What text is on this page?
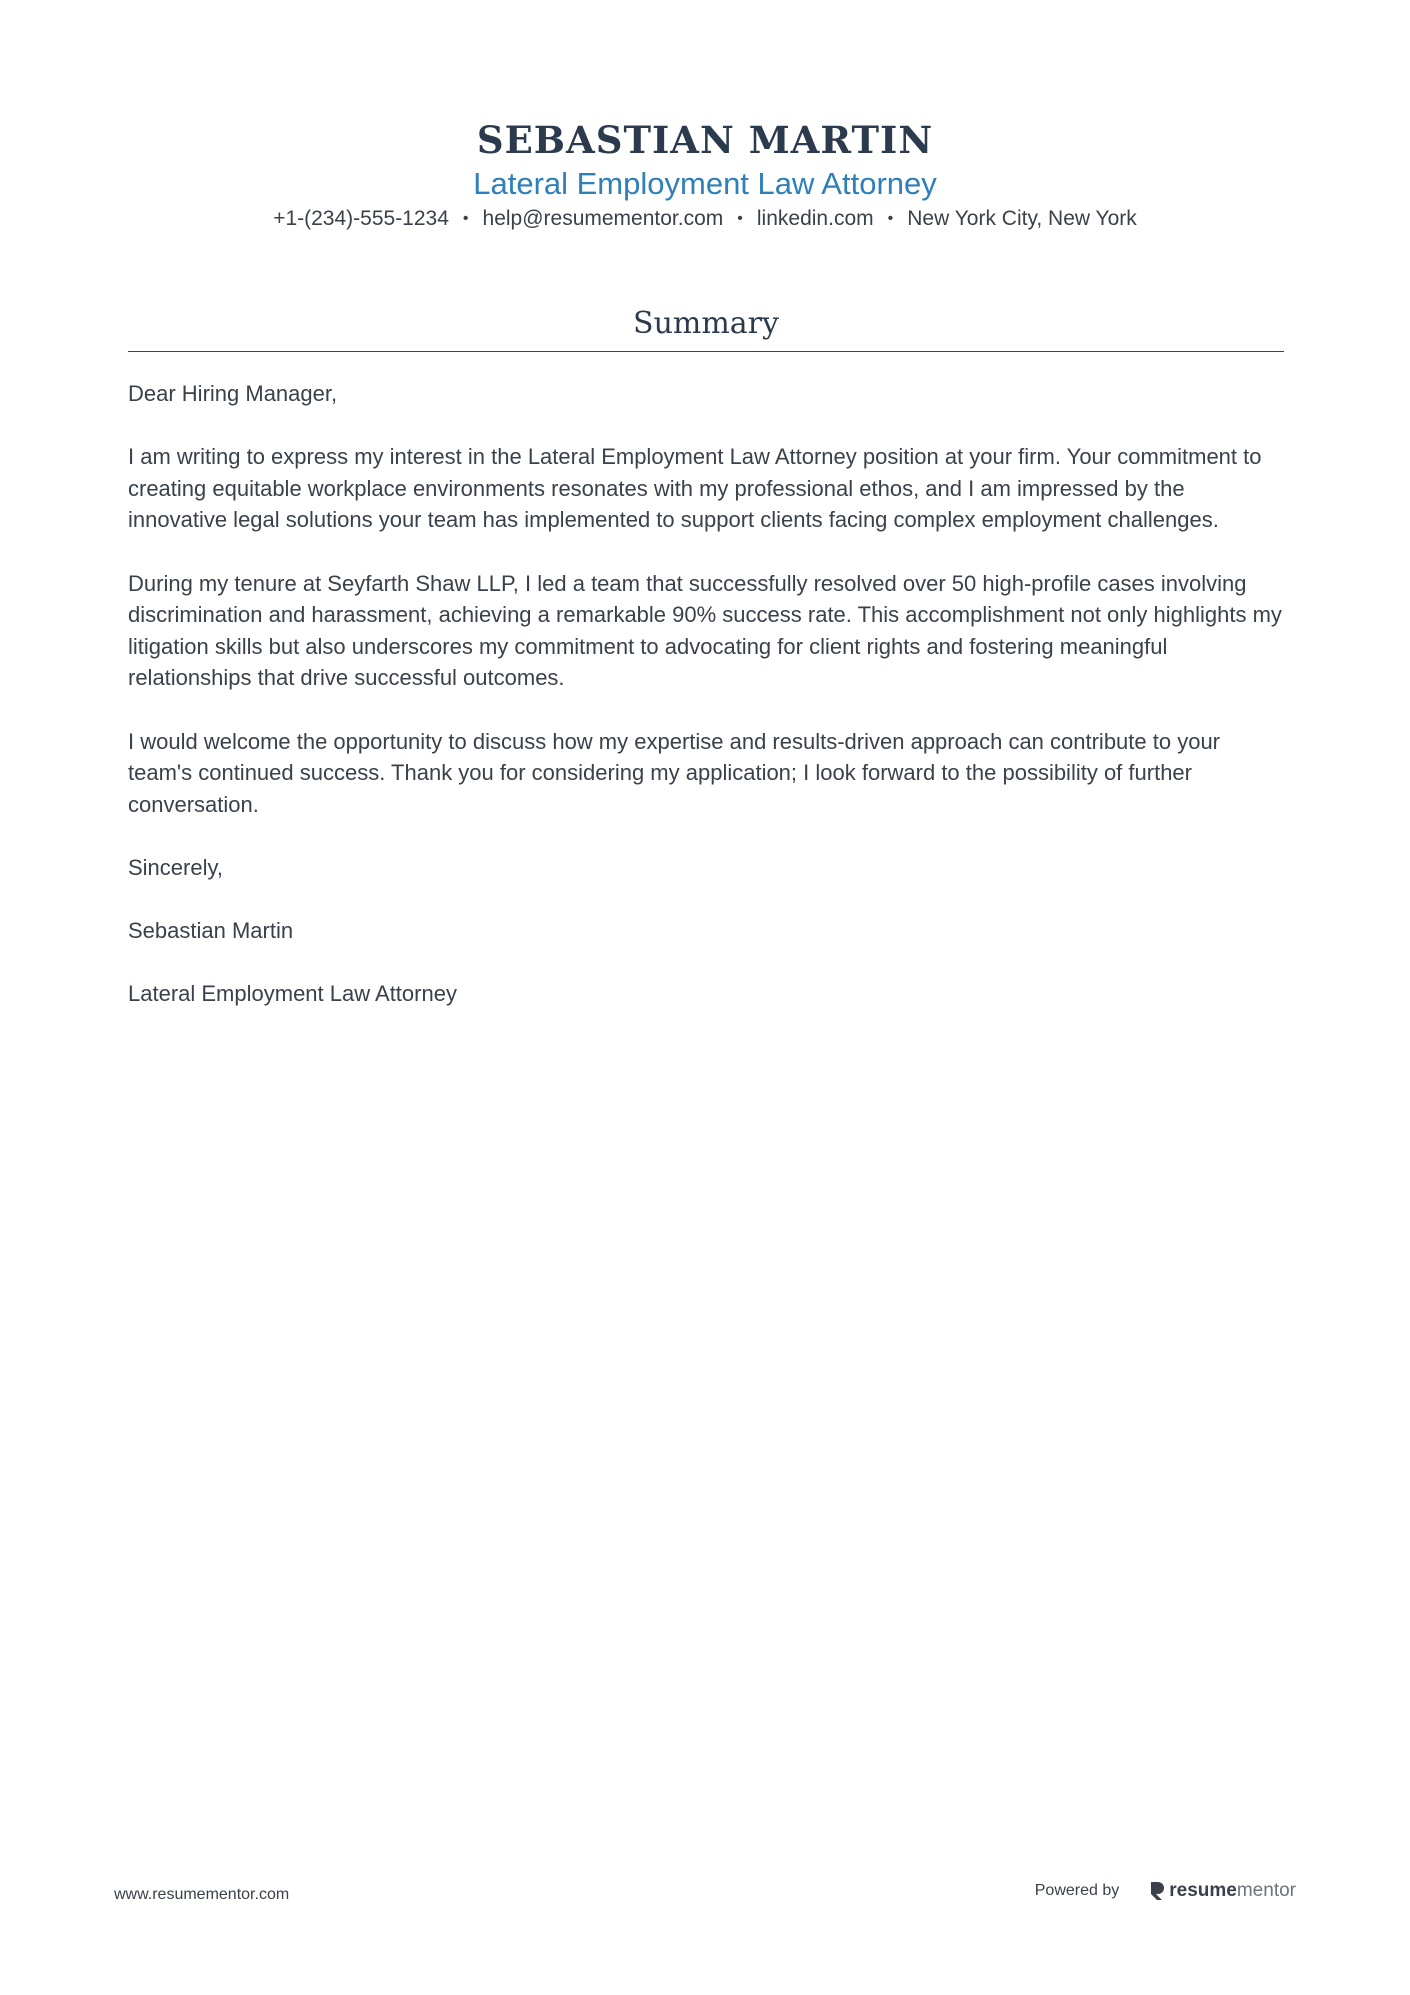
SEBASTIAN MARTIN
Lateral Employment Law Attorney
+1-(234)-555-1234 • help@resumementor.com • linkedin.com • New York City, New York
Summary

Dear Hiring Manager,

I am writing to express my interest in the Lateral Employment Law Attorney position at your firm. Your commitment to creating equitable workplace environments resonates with my professional ethos, and I am impressed by the innovative legal solutions your team has implemented to support clients facing complex employment challenges.

During my tenure at Seyfarth Shaw LLP, I led a team that successfully resolved over 50 high-profile cases involving discrimination and harassment, achieving a remarkable 90% success rate. This accomplishment not only highlights my litigation skills but also underscores my commitment to advocating for client rights and fostering meaningful relationships that drive successful outcomes.

I would welcome the opportunity to discuss how my expertise and results-driven approach can contribute to your team's continued success. Thank you for considering my application; I look forward to the possibility of further conversation.

Sincerely,

Sebastian Martin

Lateral Employment Law Attorney

www.resumementor.com	Powered by	resume mentor
